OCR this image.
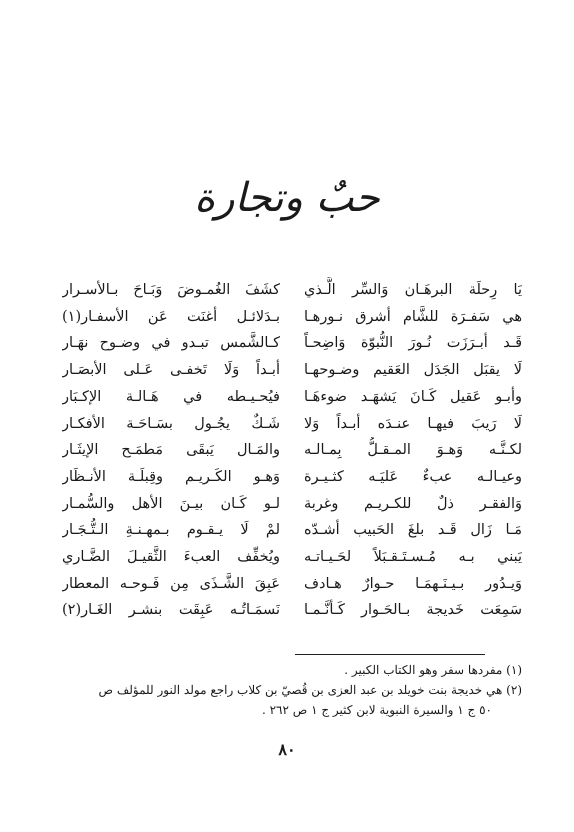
حبٌ وتجارة
يَا رِحلَة البرهَـان وَالسِّر الَّـذي
كشَفَ الغُمـوضَ وَبَـاحَ بـالأسـرار
هي سَفـرَة للشَّام أشرق نـورهـا
بـدَلائـل أغنَت عَن الأسفـار(١)
قَـد أبـرَزَت نُـورَ النُّبوّة وَاضِحـاً
كـالشَّمس تبـدو في وضـوح نهَـار
لَا يقبَل الجَدَل العَقيم وضـوحهـا
أبـداً وَلَا تَخفـى عَـلى الأبصَـار
وأبـو عَقيل كَـانَ يَشهَـد ضوءهَـا
فيُحـيـطه في هَـالـة الإكـبَار
لَا رَيبَ فيهـا عنـدَه أبـداً وَلا
شَـكٌ يجُـول بسَـاحَـة الأفكـار
لكـنَّـه وَهـوَ المـقـلُّ بِمـالـه
والمَـال يَبقَى مَطمَـح الإيثَـار
وعيـالـه عبءٌ عَليَـه كثـيـرة
وَهـو الكَـريـم وقِبلَـة الأنـظَار
وَالفقـر ذلٌ للكـريـم وغربة
لـو كَـان بيـنَ الأهل والسُّمـار
مَـا زَال قَـد بلغَ الحَبيب أشـدّه
لمْ لَا يـقـوم بـمهـنـةِ الـتُّـجَـار
يَبني بـه مُـسـتَـقـبَلاً لحَـيـاتـه
ويُخفِّف العبءَ الثَّقيـلَ الضَّـاري
وَيـدُور بـيـنَـهمَـا حـوارٌ هـادف
عَبِقَ الشَّـذَى مِن فَـوحـه المعطار
سَمِعَت خَديجة بـالحَـوار كَـأنَّـمـا
نَسمَـاتُـه عَبِقَت بنشـر الغَـار(٢)
(١) مفردها سفر وهو الكتاب الكبير .
(٢) هي خديجة بنت خويلد بن عبد العزى بن قُصيّ بن كلاب راجع مولد النور للمؤلف ص
٥٠ ج ١ والسيرة النبوية لابن كثير ج ١ ص ٢٦٢ .
٨٠
